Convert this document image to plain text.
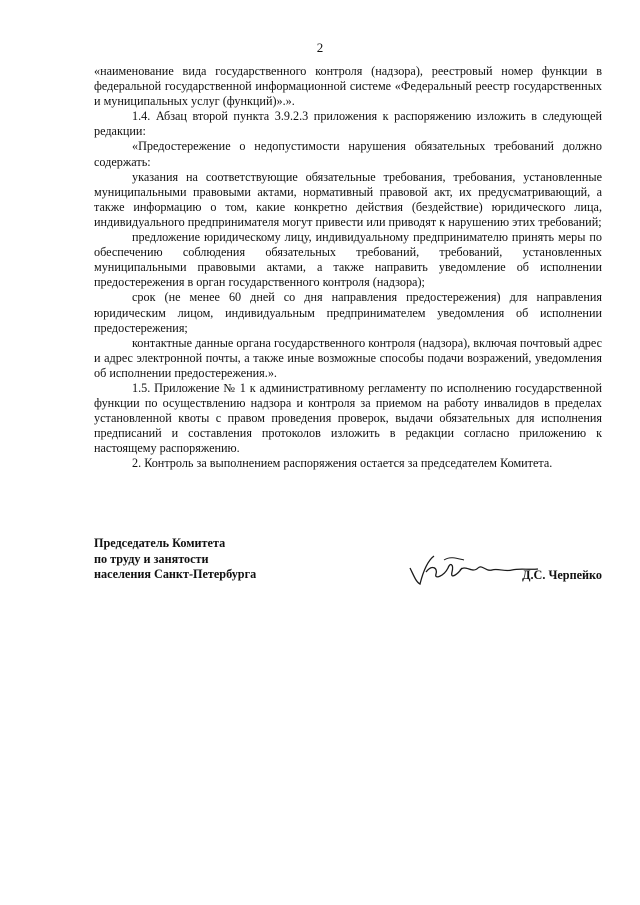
2

«наименование вида государственного контроля (надзора), реестровый номер функции в федеральной государственной информационной системе «Федеральный реестр государственных и муниципальных услуг (функций)».».

1.4. Абзац второй пункта 3.9.2.3 приложения к распоряжению изложить в следующей редакции:

«Предостережение о недопустимости нарушения обязательных требований должно содержать:

указания на соответствующие обязательные требования, требования, установленные муниципальными правовыми актами, нормативный правовой акт, их предусматривающий, а также информацию о том, какие конкретно действия (бездействие) юридического лица, индивидуального предпринимателя могут привести или приводят к нарушению этих требований;

предложение юридическому лицу, индивидуальному предпринимателю принять меры по обеспечению соблюдения обязательных требований, требований, установленных муниципальными правовыми актами, а также направить уведомление об исполнении предостережения в орган государственного контроля (надзора);

срок (не менее 60 дней со дня направления предостережения) для направления юридическим лицом, индивидуальным предпринимателем уведомления об исполнении предостережения;

контактные данные органа государственного контроля (надзора), включая почтовый адрес и адрес электронной почты, а также иные возможные способы подачи возражений, уведомления об исполнении предостережения.».

1.5. Приложение № 1 к административному регламенту по исполнению государственной функции по осуществлению надзора и контроля за приемом на работу инвалидов в пределах установленной квоты с правом проведения проверок, выдачи обязательных для исполнения предписаний и составления протоколов изложить в редакции согласно приложению к настоящему распоряжению.

2. Контроль за выполнением распоряжения остается за председателем Комитета.

Председатель Комитета
по труду и занятости
населения Санкт-Петербурга	Д.С. Черпейко
